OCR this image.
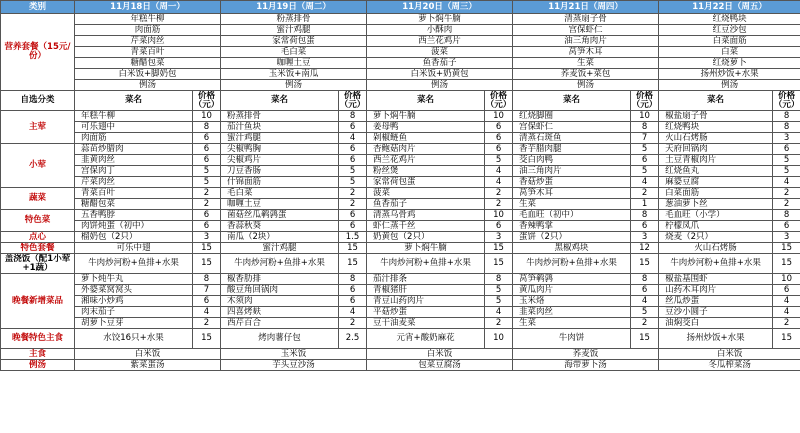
类别	11月18日（周一）		11月19日（周二）		11月20日（周三）		11月21日（周四）		11月22日（周五）	
营养套餐（15元/份）	年糕牛柳		粉蒸排骨		萝卜焖牛腩		清蒸扇子骨		红烧鸭块	
	肉面筋		蜜汁鸡腿		小酥肉		宫保虾仁		红豆沙包	
	芹菜肉丝		家常荷包蛋		西兰花鸡片		油三角肉片		白菜面筋	
	青菜百叶		毛白菜		菠菜		莴笋木耳		白菜	
	糖醋包菜		咖喱土豆		鱼香茄子		生菜		红烧萝卜	
	白米饭+脚奶包		玉米饭+南瓜		白米饭+奶黄包		荞麦饭+菜包		扬州炒饭+水果	
	例汤		例汤		例汤		例汤		例汤	
自选分类	菜名	价格（元）	菜名	价格（元）	菜名	价格（元）	菜名	价格（元）	菜名	价格（元）
主荤	年糕牛柳	10	粉蒸排骨	8	萝卜焖牛腩	10	红烧脚圈	10	椒盐扇子骨	8
	可乐翅中	8	茄汁鱼块	6	姜母鸭	6	宫保虾仁	8	红烧鸭块	8
	肉面筋	6	蜜汁鸡腿	4	剁椒鲢鱼	6	清蒸石斑鱼	7	火山石烤肠	3
小荤	蒜苗炒腊肉	6	尖椒鸭胸	6	杏鲍菇肉片	6	香芋腊肉腿	5	天府回锅肉	6
	韭黄肉丝	6	尖椒鸡片	6	西兰花鸡片	5	茭白肉鸭	6	土豆青椒肉片	5
	宫保肉丁	5	刀豆香肠	5	粉丝煲	4	油三角肉片	5	红烧鱼丸	5
	芹菜肉丝	5	什锦面筋	5	家常荷包蛋	4	香菇炒蛋	4	麻婆豆腐	4
蔬菜	青菜百叶	2	毛白菜	2	菠菜	2	莴笋木耳	2	白菜面筋	2
	糖醋包菜	2	咖喱土豆	2	鱼香茄子	2	生菜	1	葱油萝卜丝	2
特色菜	五香鸭脖	6	菌菇丝瓜鹌鹑蛋	6	清蒸乌骨鸡	10	毛血旺（初中）	8	毛血旺（小学）	8
	肉饼炖蛋（初中）	6	香蒜秋葵	6	虾仁蒸千丝	6	香辣鸭掌	6	柠檬凤爪	6
点心	榴奶包（2只）	3	南瓜（2块）	1.5	奶黄包（2只）	3	蛋饼（2只）	3	烧麦（2只）	3
特色套餐	可乐中翅	15	蜜汁鸡腿	15	萝卜焖牛腩	15	黑椒鸡块	12	火山石烤肠	15
盖浇饭（配1小荤+1蔬）	牛肉炒河粉+鱼排+水果	15	牛肉炒河粉+鱼排+水果	15	牛肉炒河粉+鱼排+水果	15	牛肉炒河粉+鱼排+水果	15	牛肉炒河粉+鱼排+水果	15
晚餐新增菜品	萝卜炖牛丸	8	椒香肋排	8	茄汁排条	8	莴笋鹌鹑	8	椒盐基围虾	10
	外婆菜窝窝头	7	酸豆角回锅肉	6	青椒猪肝	5	黄瓜肉片	6	山药木耳肉片	6
	湘味小炒鸡	6	木须肉	6	青豆山药肉片	5	玉米烙	4	丝瓜炒蛋	4
	肉末茄子	4	四喜烤麸	4	平菇炒蛋	4	韭菜肉丝	5	豆沙小圆子	4
	胡萝卜豆芽	2	西芹百合	2	豆干油麦菜	2	生菜	2	油焖茭白	2
晚餐特色主食	水饺16只+水果	15	烤肉薯仔包	2.5	元宵+酸奶麻花	10	牛肉饼	15	扬州炒饭+水果	15
主食	白米饭		玉米饭		白米饭		荞麦饭		白米饭	
例汤	紫菜蛋汤		芋头豆沙汤		包菜豆腐汤		海带萝卜汤		冬瓜榨菜汤	
